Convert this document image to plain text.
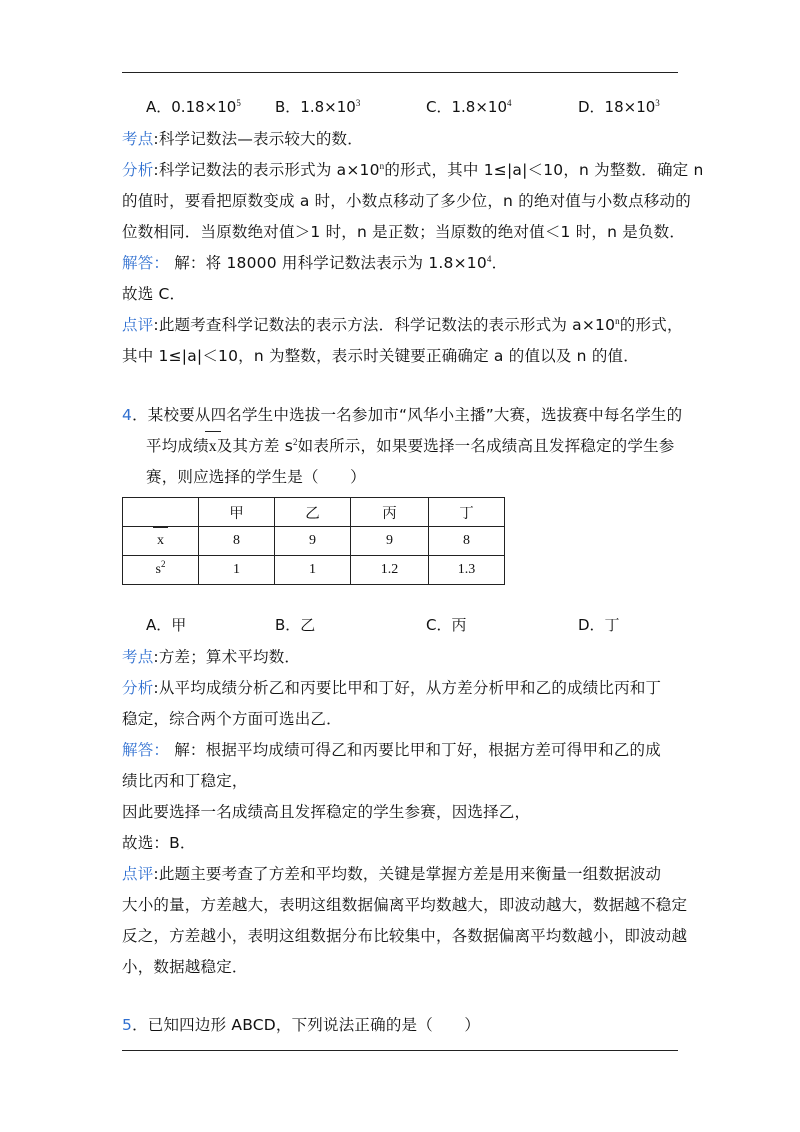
A．$0.18\times 10^5$ B．$1.8\times 10^3$	C．$1.8\times 10^4$	D．$18\times 10^3$
考点:科学记数法—表示较大的数．
分析:科学记数法的表示形式为 $a\times 10^n$的形式，其中 1≤|a|＜10，n 为整数．确定 n
的值时，要看把原数变成 a 时，小数点移动了多少位，n 的绝对值与小数点移动的
位数相同．当原数绝对值＞1 时，n 是正数；当原数的绝对值＜1 时，n 是负数．
解答： 解：将 18000 用科学记数法表示为 $1.8\times 10^4$．
故选 C．
点评:此题考查科学记数法的表示方法．科学记数法的表示形式为 $a\times 10^n$的形式，
其中 1≤|a|＜10，n 为整数，表示时关键要正确确定 a 的值以及 n 的值．
4．某校要从四名学生中选拔一名参加市“风华小主播”大赛，选拔赛中每名学生的
平均成绩x及其方差 $s^2$如表所示，如果要选择一名成绩高且发挥稳定的学生参
赛，则应选择的学生是（　　）
	甲	乙	丙	丁
x	8	9	9	8
$s^2$	1	1	1.2	1.3
A．甲	B．乙	C．丙	D．丁
考点:方差；算术平均数．
分析:从平均成绩分析乙和丙要比甲和丁好，从方差分析甲和乙的成绩比丙和丁
稳定，综合两个方面可选出乙．
解答： 解：根据平均成绩可得乙和丙要比甲和丁好，根据方差可得甲和乙的成
绩比丙和丁稳定，
因此要选择一名成绩高且发挥稳定的学生参赛，因选择乙，
故选：B．
点评:此题主要考查了方差和平均数，关键是掌握方差是用来衡量一组数据波动
大小的量，方差越大，表明这组数据偏离平均数越大，即波动越大，数据越不稳定
反之，方差越小，表明这组数据分布比较集中，各数据偏离平均数越小，即波动越
小，数据越稳定．
5．已知四边形 ABCD，下列说法正确的是（　　）
